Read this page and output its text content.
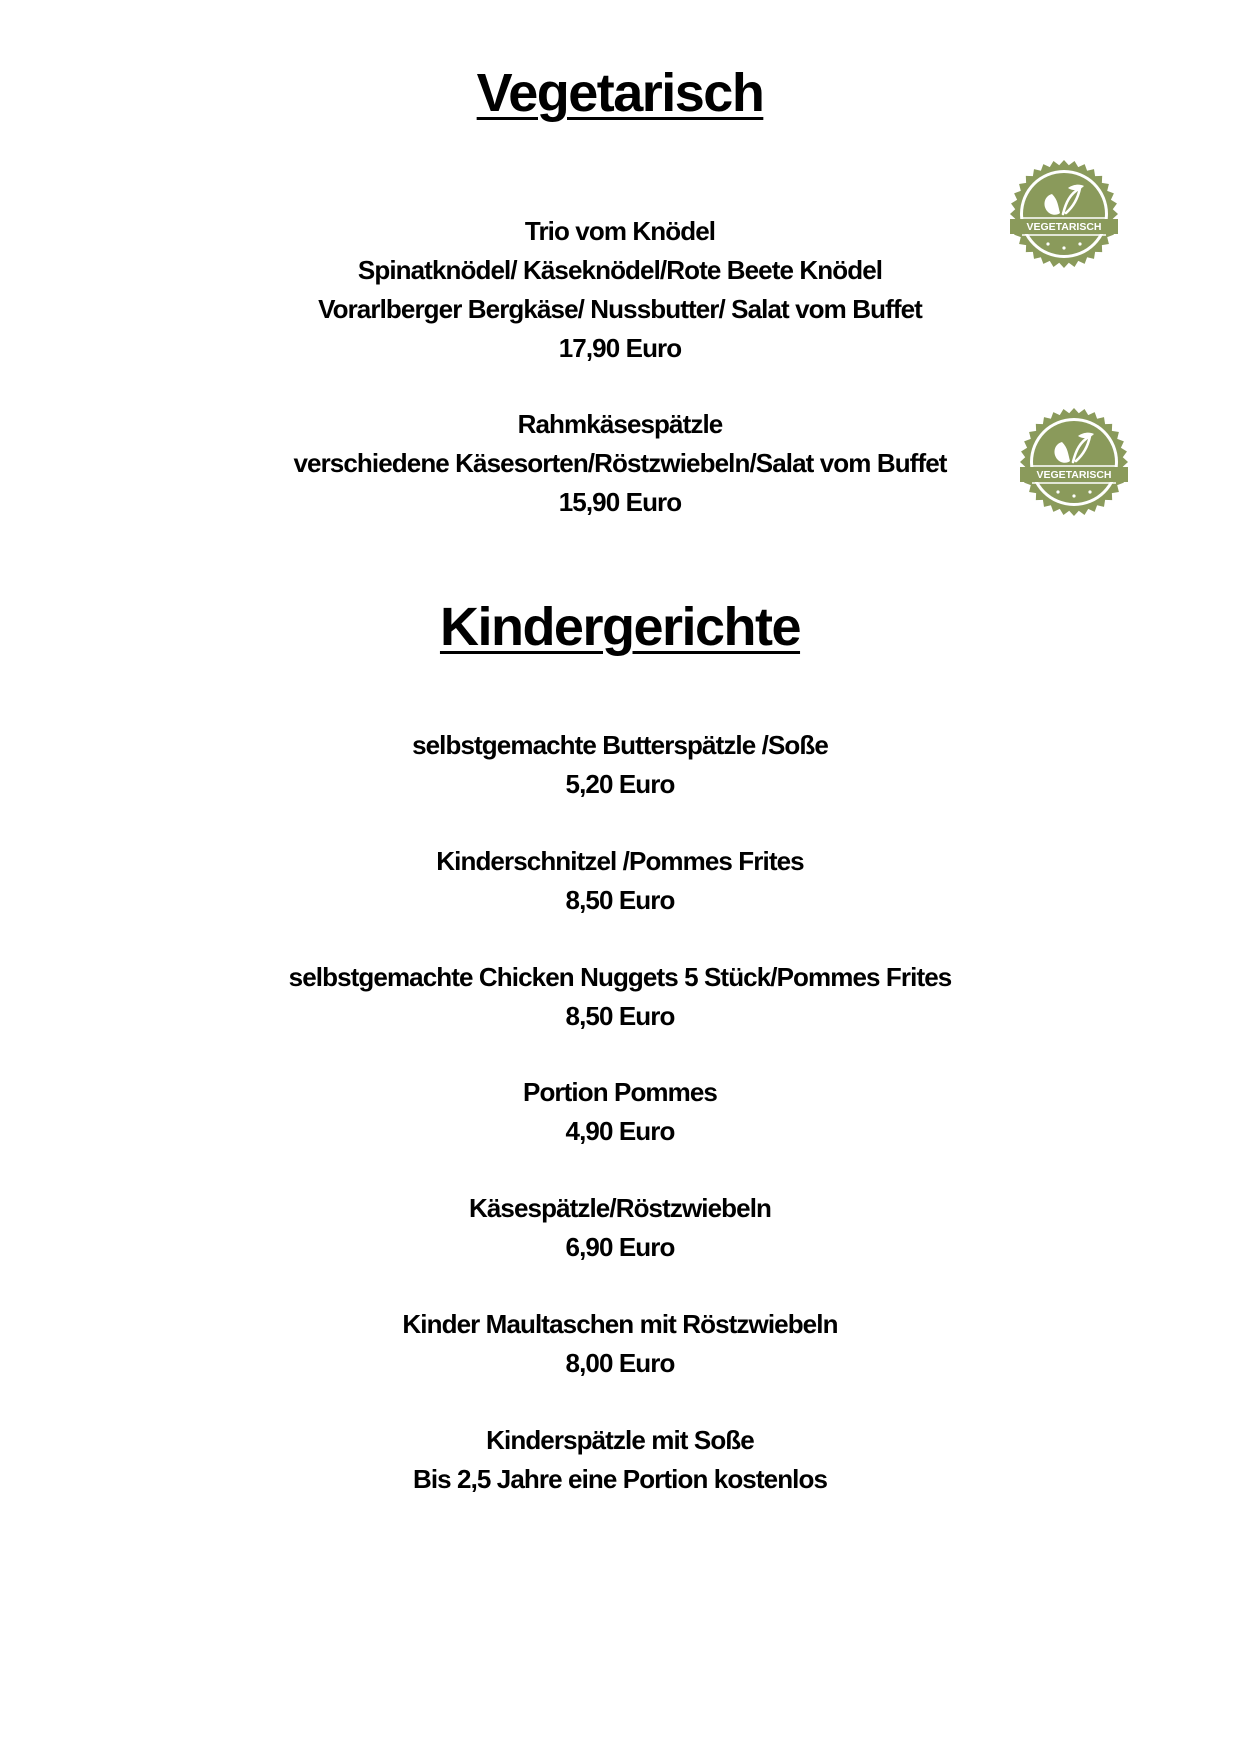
Vegetarisch
Trio vom Knödel
Spinatknödel/ Käseknödel/Rote Beete Knödel
Vorarlberger Bergkäse/ Nussbutter/ Salat vom Buffet
17,90 Euro
Rahmkäsespätzle
verschiedene Käsesorten/Röstzwiebeln/Salat vom Buffet
15,90 Euro
VEGETARISCH
VEGETARISCH
Kindergerichte
selbstgemachte Butterspätzle /Soße
5,20 Euro
Kinderschnitzel /Pommes Frites
8,50 Euro
selbstgemachte Chicken Nuggets 5 Stück/Pommes Frites
8,50 Euro
Portion Pommes
4,90 Euro
Käsespätzle/Röstzwiebeln
6,90 Euro
Kinder Maultaschen mit Röstzwiebeln
8,00 Euro
Kinderspätzle mit Soße
Bis 2,5 Jahre eine Portion kostenlos
